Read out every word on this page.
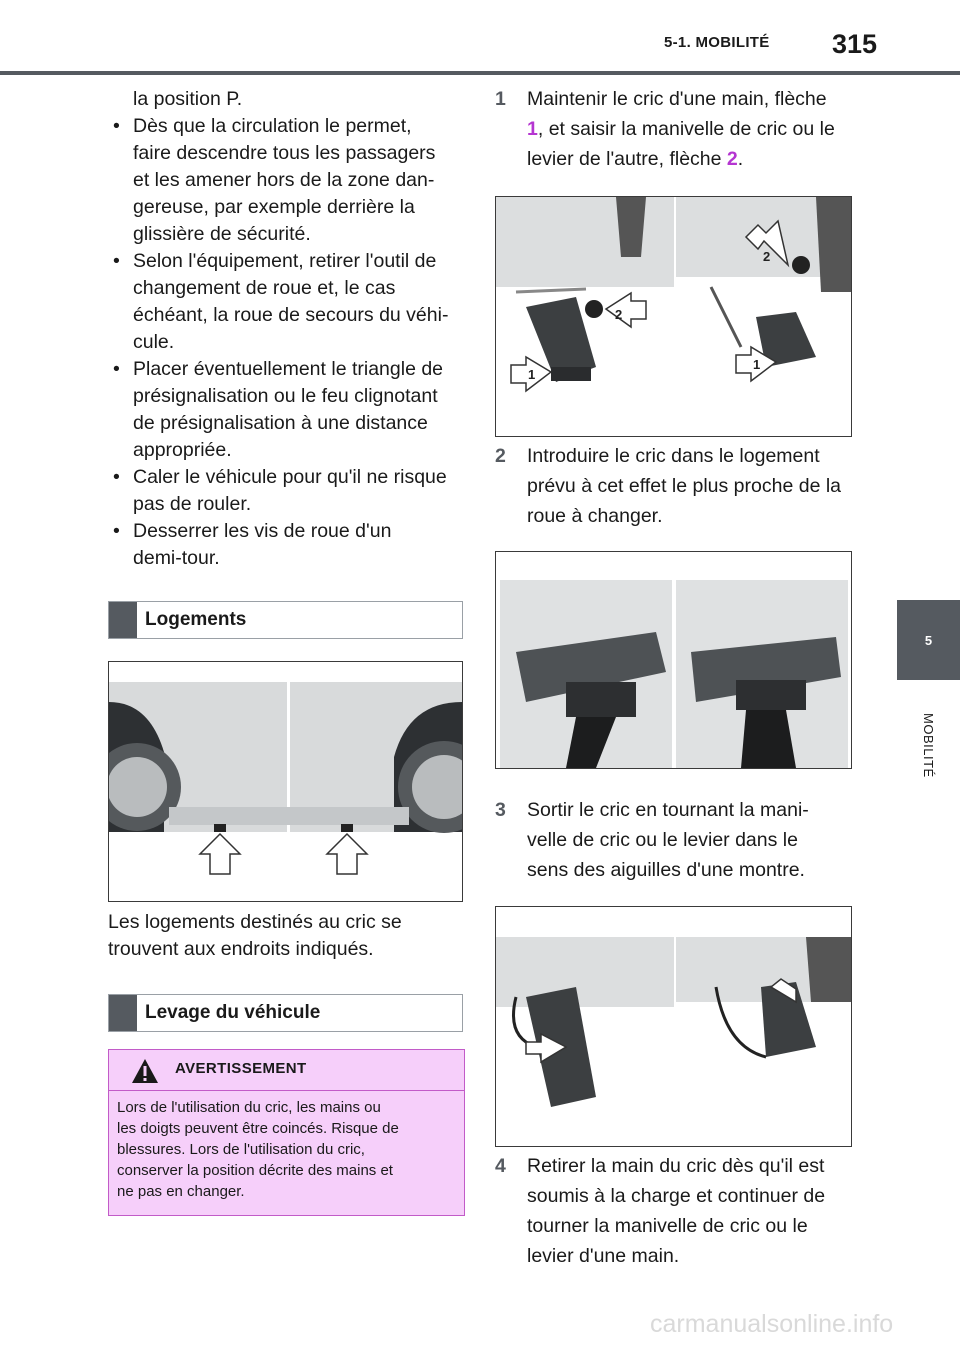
5-1. MOBILITÉ 315
5
MOBILITÉ
la position P.
• Dès que la circulation le permet,
faire descendre tous les passagers
et les amener hors de la zone dan-
gereuse, par exemple derrière la
glissière de sécurité.
• Selon l'équipement, retirer l'outil de
changement de roue et, le cas
échéant, la roue de secours du véhi-
cule.
• Placer éventuellement le triangle de
présignalisation ou le feu clignotant
de présignalisation à une distance
appropriée.
• Caler le véhicule pour qu'il ne risque
pas de rouler.
• Desserrer les vis de roue d'un
demi-tour.
Logements
Les logements destinés au cric se
trouvent aux endroits indiqués.
Levage du véhicule
AVERTISSEMENT
Lors de l'utilisation du cric, les mains ou
les doigts peuvent être coincés. Risque de
blessures. Lors de l'utilisation du cric,
conserver la position décrite des mains et
ne pas en changer.
1 Maintenir le cric d'une main, flèche
1, et saisir la manivelle de cric ou le
levier de l'autre, flèche 2.
2
2
1
1
2 Introduire le cric dans le logement
prévu à cet effet le plus proche de la
roue à changer.
3 Sortir le cric en tournant la mani-
velle de cric ou le levier dans le
sens des aiguilles d'une montre.
4 Retirer la main du cric dès qu'il est
soumis à la charge et continuer de
tourner la manivelle de cric ou le
levier d'une main.
carmanualsonline.info
